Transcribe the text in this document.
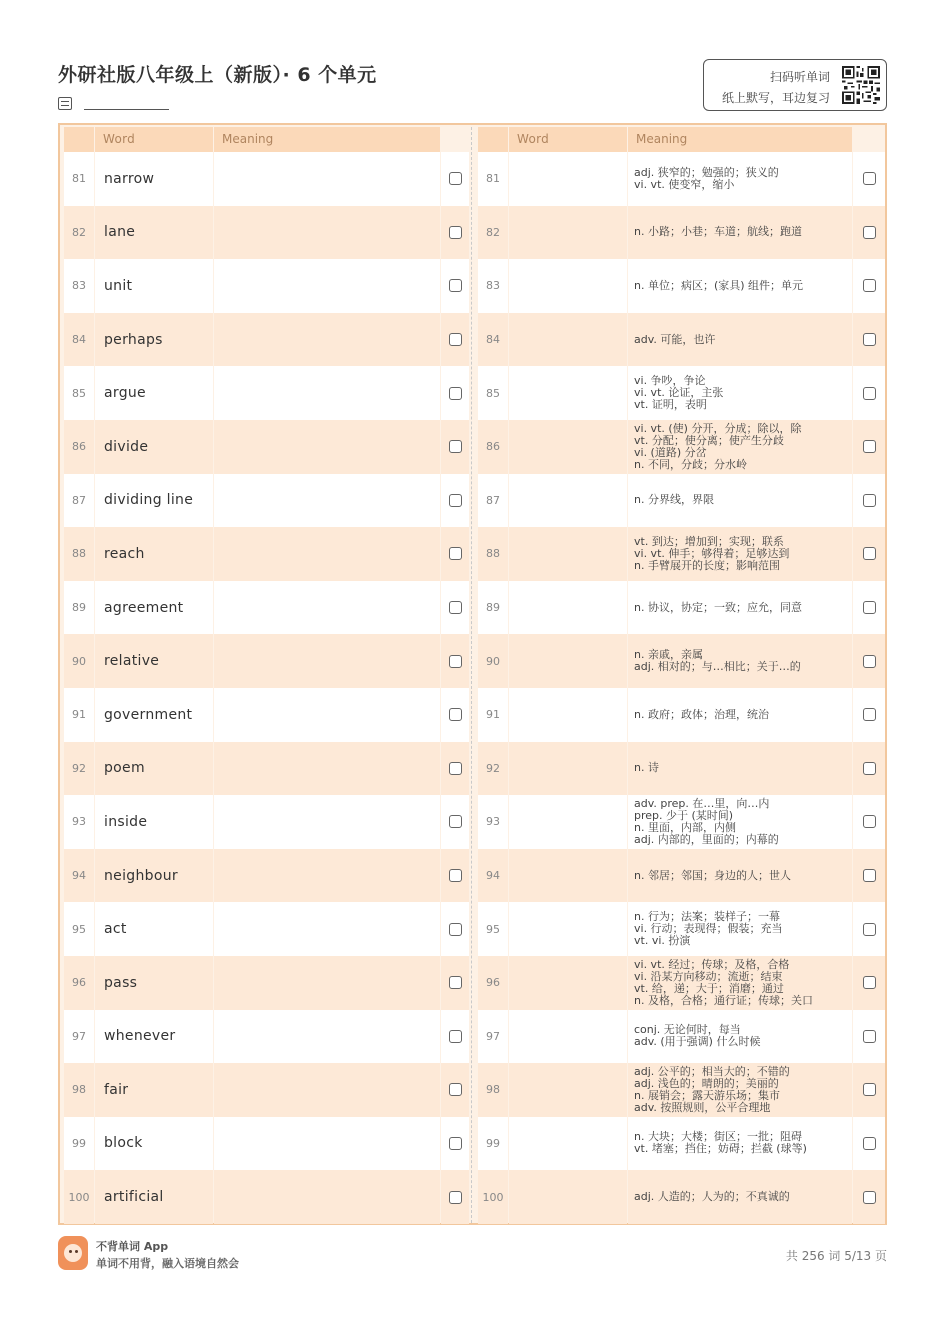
外研社版八年级上（新版）· 6 个单元	扫码听单词
纸上默写，耳边复习
Word	Meaning
81	narrow
82	lane
83	unit
84	perhaps
85	argue
86	divide
87	dividing line
88	reach
89	agreement
90	relative
91	government
92	poem
93	inside
94	neighbour
95	act
96	pass
97	whenever
98	fair
99	block
100	artificial
Word	Meaning
81	adj. 狭窄的；勉强的；狭义的
vi. vt. 使变窄，缩小
82	n. 小路；小巷；车道；航线；跑道
83	n. 单位；病区；(家具) 组件；单元
84	adv. 可能，也许
85
vi. 争吵，争论
vi. vt. 论证，主张
vt. 证明，表明
86
vi. vt. (使) 分开，分成；除以，除
vt. 分配；使分离；使产生分歧
vi. (道路) 分岔
n. 不同，分歧；分水岭
87	n. 分界线，界限
88
vt. 到达；增加到；实现；联系
vi. vt. 伸手；够得着；足够达到
n. 手臂展开的长度；影响范围
89	n. 协议，协定；一致；应允，同意
90	n. 亲戚，亲属
adj. 相对的；与…相比；关于…的
91	n. 政府；政体；治理，统治
92	n. 诗
93
adv. prep. 在…里，向…内
prep. 少于 (某时间)
n. 里面，内部，内侧
adj. 内部的，里面的；内幕的
94	n. 邻居；邻国；身边的人；世人
95
n. 行为；法案；装样子；一幕
vi. 行动；表现得；假装；充当
vt. vi. 扮演
96
vi. vt. 经过；传球；及格，合格
vi. 沿某方向移动；流逝；结束
vt. 给，递；大于；消磨；通过
n. 及格，合格；通行证；传球；关口
97	conj. 无论何时，每当
adv. (用于强调) 什么时候
98
adj. 公平的；相当大的；不错的
adj. 浅色的；晴朗的；美丽的
n. 展销会；露天游乐场；集市
adv. 按照规则，公平合理地
99	n. 大块；大楼；街区；一批；阻碍
vt. 堵塞；挡住；妨碍；拦截 (球等)
100	adj. 人造的；人为的；不真诚的
不背单词 App
单词不用背，融入语境自然会
共 256 词 5/13 页
